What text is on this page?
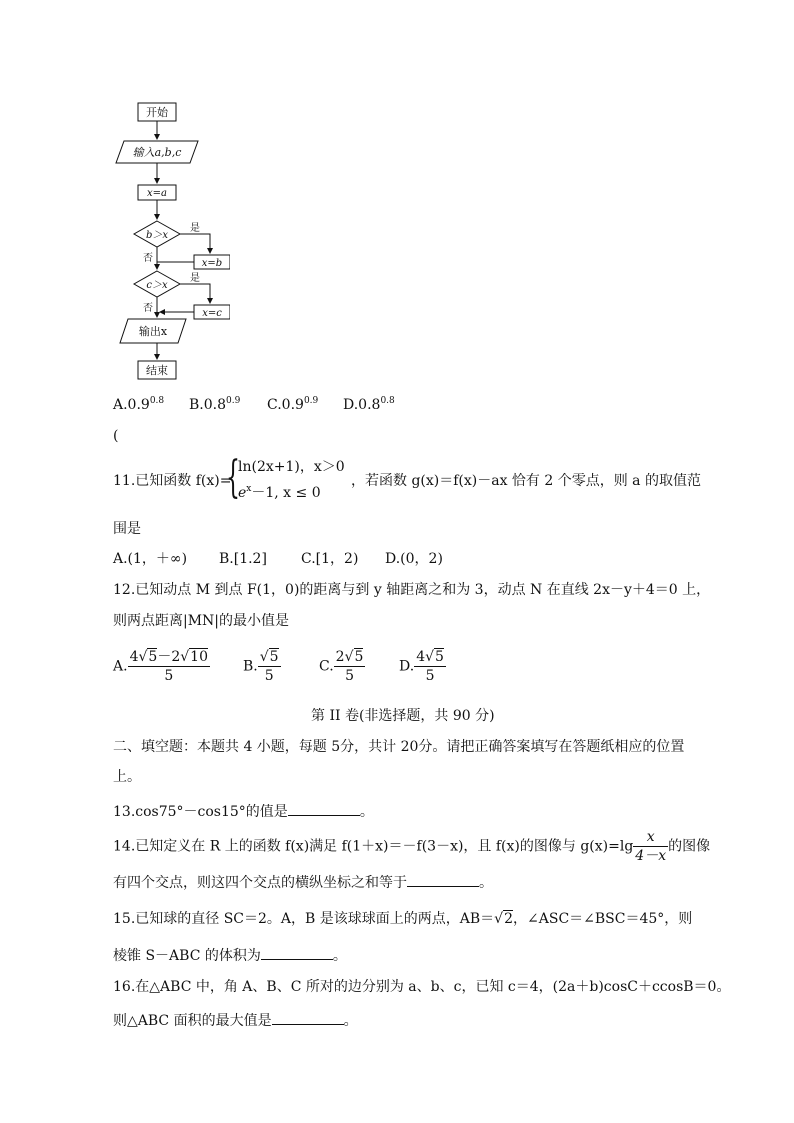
开始
输入a,b,c
x=a
b＞x
是
x=b
否
c＞x
是
x=c
否
输出x
结束
$A.0.9^{0.8}$ $B.0.8^{0.9}$ $C.0.9^{0.9}$ $D.0.8^{0.8}$
(
11.已知函数 f(x)=
{
ln(2x+1)，x＞0
$e^x-1$, x ≤ 0
，若函数 g(x)＝f(x)－ax 恰有 2 个零点，则 a 的取值范
围是
A.(1，＋∞) B.[1.2] C.[1，2) D.(0，2)
12.已知动点 M 到点 F(1，0)的距离与到 y 轴距离之和为 3，动点 N 在直线 2x－y＋4＝0 上，
则两点距离|MN|的最小值是
A. $\frac{4√5-2√10}{5} B$. $\frac{√5}{5}$	C. $\frac{2√5}{5} D$. $\frac{4√5}{5}$
第 II 卷(非选择题，共 90 分)
二、填空题：本题共 4 小题，每题 5分，共计 20分。请把正确答案填写在答题纸相应的位置
上。
13.cos75°－cos15°的值是	。
14.已知定义在 R 上的函数 f(x)满足 f(1＋x)＝－f(3－x)，且 f(x)的图像与 $g(x)=\lg \frac{x}{4-x}$ 的图像
有四个交点，则这四个交点的横纵坐标之和等于	。
15.已知球的直径 SC＝2。A，B 是该球球面上的两点，AB＝√2，∠ASC＝∠BSC＝45°，则
棱锥 S－ABC 的体积为	。
16.在△ABC 中，角 A、B、C 所对的边分别为 a、b、c，已知 c＝4，(2a＋b)cosC＋ccosB＝0。
则△ABC 面积的最大值是	。
